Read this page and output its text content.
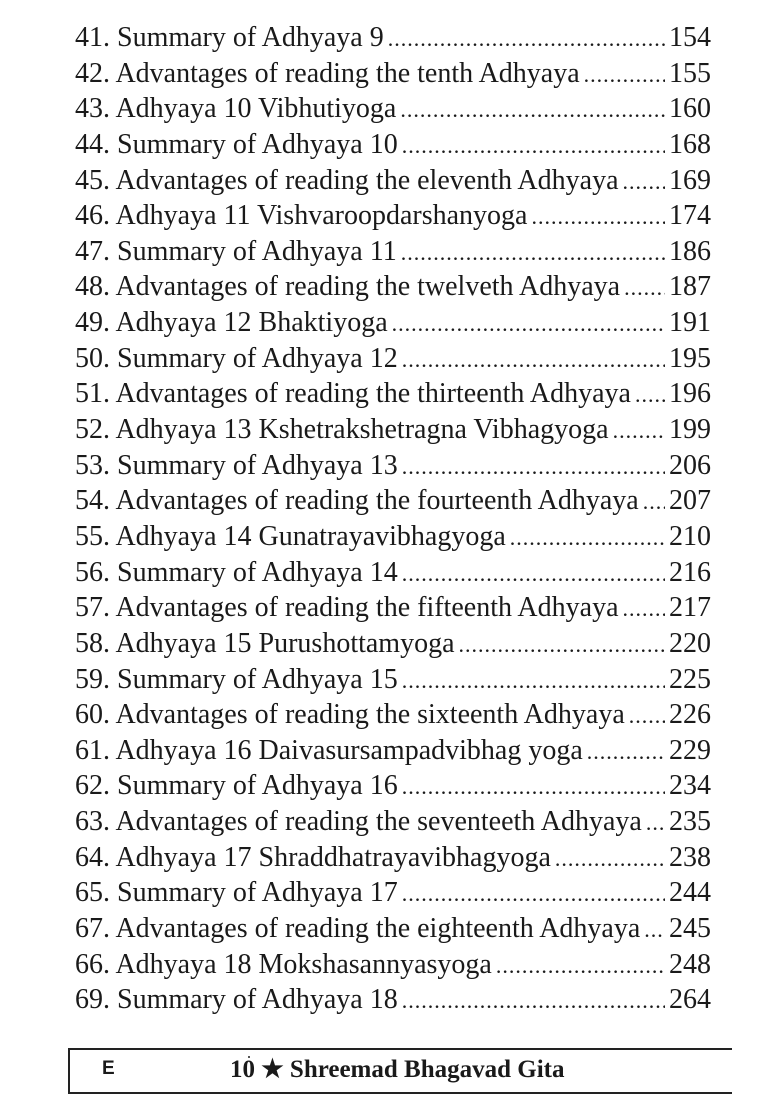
41. Summary of Adhyaya 9 .....	154
42. Advantages of reading the tenth Adhyaya .....	155
43. Adhyaya 10 Vibhutiyoga .....	160
44. Summary of Adhyaya 10 .....	168
45. Advantages of reading the eleventh Adhyaya ..... 169
46. Adhyaya 11 Vishvaroopdarshanyoga .....	174
47. Summary of Adhyaya 11 .....	186
48. Advantages of reading the twelveth Adhyaya ..... 187
49. Adhyaya 12 Bhaktiyoga .....	191
50. Summary of Adhyaya 12 .....	195
51. Advantages of reading the thirteenth Adhyaya ..... 196
52. Adhyaya 13 Kshetrakshetragna Vibhagyoga ..... 199
53. Summary of Adhyaya 13 .....	206
54. Advantages of reading the fourteenth Adhyaya ..... 207
55. Adhyaya 14 Gunatrayavibhagyoga .....	210
56. Summary of Adhyaya 14 .....	216
57. Advantages of reading the fifteenth Adhyaya ..... 217
58. Adhyaya 15 Purushottamyoga .....	220
59. Summary of Adhyaya 15 .....	225
60. Advantages of reading the sixteenth Adhyaya ..... 226
61. Adhyaya 16 Daivasursampadvibhag yoga .....	229
62. Summary of Adhyaya 16 .....	234
63. Advantages of reading the seventeeth Adhyaya ..... 235
64. Adhyaya 17 Shraddhatrayavibhagyoga .....	238
65. Summary of Adhyaya 17 .....	244
67. Advantages of reading the eighteenth Adhyaya ..... 245
66. Adhyaya 18 Mokshasannyasyoga .....	248
69. Summary of Adhyaya 18 .....	264
E	10 ★ Shreemad Bhagavad Gita
